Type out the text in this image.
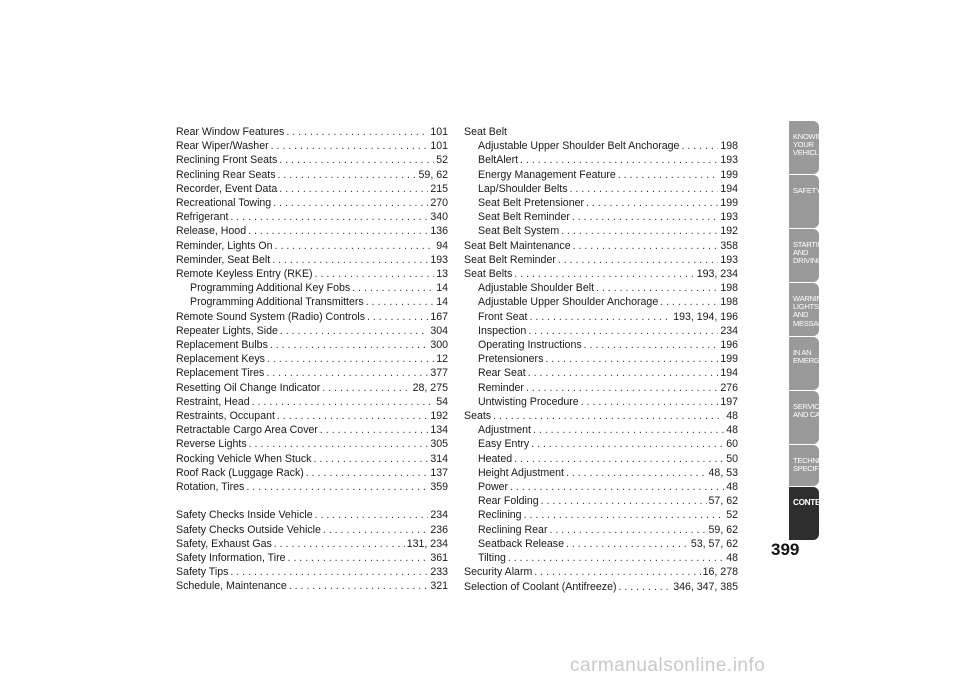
Rear Window Features . . .	101
Rear Wiper/Washer . . .	101
Reclining Front Seats . . .	52
Reclining Rear Seats . . .	59, 62
Recorder, Event Data . . .	215
Recreational Towing . . .	270
Refrigerant . . .	340
Release, Hood . . .	136
Reminder, Lights On . . .	94
Reminder, Seat Belt . . .	193
Remote Keyless Entry (RKE) . . .	13
Programming Additional Key Fobs . . .	14
Programming Additional Transmitters . . .	14
Remote Sound System (Radio) Controls . . .	167
Repeater Lights, Side . . .	304
Replacement Bulbs . . .	300
Replacement Keys . . .	12
Replacement Tires . . .	377
Resetting Oil Change Indicator . . .	28, 275
Restraint, Head . . .	54
Restraints, Occupant . . .	192
Retractable Cargo Area Cover . . .	134
Reverse Lights . . .	305
Rocking Vehicle When Stuck . . .	314
Roof Rack (Luggage Rack) . . .	137
Rotation, Tires . . .	359
Safety Checks Inside Vehicle . . .	234
Safety Checks Outside Vehicle . . .	236
Safety, Exhaust Gas . . .	131, 234
Safety Information, Tire . . .	361
Safety Tips . . .	233
Schedule, Maintenance . . .	321
Seat Belt
Adjustable Upper Shoulder Belt Anchorage . . .	198
BeltAlert . . .	193
Energy Management Feature . . .	199
Lap/Shoulder Belts . . .	194
Seat Belt Pretensioner . . .	199
Seat Belt Reminder . . .	193
Seat Belt System . . .	192
Seat Belt Maintenance . . .	358
Seat Belt Reminder . . .	193
Seat Belts . . .	193, 234
Adjustable Shoulder Belt . . .	198
Adjustable Upper Shoulder Anchorage . . .	198
Front Seat . . .	193, 194, 196
Inspection . . .	234
Operating Instructions . . .	196
Pretensioners . . .	199
Rear Seat . . .	194
Reminder . . .	276
Untwisting Procedure . . .	197
Seats . . .	48
Adjustment . . .	48
Easy Entry . . .	60
Heated . . .	50
Height Adjustment . . .	48, 53
Power . . .	48
Rear Folding . . .	57, 62
Reclining . . .	52
Reclining Rear . . .	59, 62
Seatback Release . . .	53, 57, 62
Tilting . . .	48
Security Alarm . . .	16, 278
Selection of Coolant (Antifreeze) . . .	346, 347, 385
KNOWING
YOUR
VEHICLE
SAFETY
STARTING
AND
DRIVING
WARNING
LIGHTS
AND
MESSAGES
IN AN
EMERGENCY
SERVICING
AND CARE
TECHNICAL
SPECIFICATIONS
CONTENTS
399
carmanualsonline.info
